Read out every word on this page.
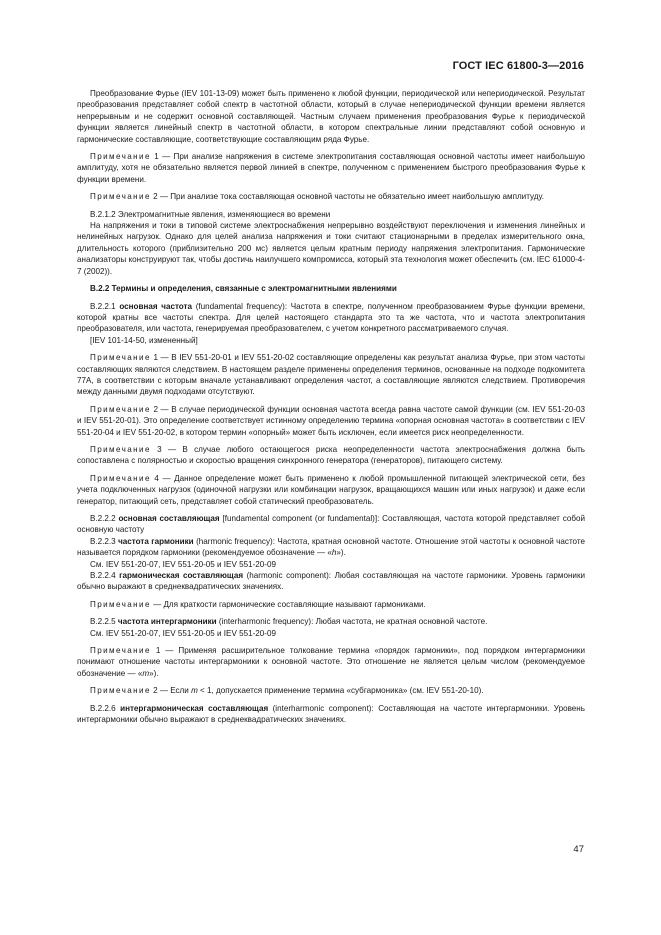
ГОСТ IEC 61800-3—2016

Преобразование Фурье (IEV 101-13-09) может быть применено к любой функции, периодической или непериодической. Результат преобразования представляет собой спектр в частотной области, который в случае непериодической функции времени является непрерывным и не содержит основной составляющей. Частным случаем применения преобразования Фурье к периодической функции является линейный спектр в частотной области, в котором спектральные линии представляют собой основную и гармонические составляющие, соответствующие составляющим ряда Фурье.

Примечание 1 — При анализе напряжения в системе электропитания составляющая основной частоты имеет наибольшую амплитуду, хотя не обязательно является первой линией в спектре, полученном с применением быстрого преобразования Фурье к функции времени.

Примечание 2 — При анализе тока составляющая основной частоты не обязательно имеет наибольшую амплитуду.

В.2.1.2 Электромагнитные явления, изменяющиеся во времени

На напряжения и токи в типовой системе электроснабжения непрерывно воздействуют переключения и изменения линейных и нелинейных нагрузок. Однако для целей анализа напряжения и токи считают стационарными в пределах измерительного окна, длительность которого (приблизительно 200 мс) является целым кратным периоду напряжения электропитания. Гармонические анализаторы конструируют так, чтобы достичь наилучшего компромисса, который эта технология может обеспечить (см. IEC 61000-4-7 (2002)).

В.2.2 Термины и определения, связанные с электромагнитными явлениями

В.2.2.1 основная частота (fundamental frequency): Частота в спектре, полученном преобразованием Фурье функции времени, которой кратны все частоты спектра. Для целей настоящего стандарта это та же частота, что и частота электропитания преобразователя, или частота, генерируемая преобразователем, с учетом конкретного рассматриваемого случая.

[IEV 101-14-50, измененный]

Примечание 1 — В IEV 551-20-01 и IEV 551-20-02 составляющие определены как результат анализа Фурье, при этом частоты составляющих являются следствием. В настоящем разделе применены определения терминов, основанные на подходе подкомитета 77А, в соответствии с которым вначале устанавливают определения частот, а составляющие являются следствием. Противоречия между данными двумя подходами отсутствуют.

Примечание 2 — В случае периодической функции основная частота всегда равна частоте самой функции (см. IEV 551-20-03 и IEV 551-20-01). Это определение соответствует истинному определению термина «опорная основная частота» в соответствии с IEV 551-20-04 и IEV 551-20-02, в котором термин «опорный» может быть исключен, если имеется риск неопределенности.

Примечание 3 — В случае любого остающегося риска неопределенности частота электроснабжения должна быть сопоставлена с полярностью и скоростью вращения синхронного генератора (генераторов), питающего систему.

Примечание 4 — Данное определение может быть применено к любой промышленной питающей электрической сети, без учета подключенных нагрузок (одиночной нагрузки или комбинации нагрузок, вращающихся машин или иных нагрузок) и даже если генератор, питающий сеть, представляет собой статический преобразователь.

В.2.2.2 основная составляющая [fundamental component (or fundamental)]: Составляющая, частота которой представляет собой основную частоту

В.2.2.3 частота гармоники (harmonic frequency): Частота, кратная основной частоте. Отношение этой частоты к основной частоте называется порядком гармоники (рекомендуемое обозначение — «h»).

См. IEV 551-20-07, IEV 551-20-05 и IEV 551-20-09

В.2.2.4 гармоническая составляющая (harmonic component): Любая составляющая на частоте гармоники. Уровень гармоники обычно выражают в среднеквадратических значениях.

Примечание — Для краткости гармонические составляющие называют гармониками.

В.2.2.5 частота интергармоники (interharmonic frequency): Любая частота, не кратная основной частоте.

См. IEV 551-20-07, IEV 551-20-05 и IEV 551-20-09

Примечание 1 — Применяя расширительное толкование термина «порядок гармоники», под порядком интергармоники понимают отношение частоты интергармоники к основной частоте. Это отношение не является целым числом (рекомендуемое обозначение — «m»).

Примечание 2 — Если m < 1, допускается применение термина «субгармоника» (см. IEV 551-20-10).

В.2.2.6 интергармоническая составляющая (interharmonic component): Составляющая на частоте интергармоники. Уровень интергармоники обычно выражают в среднеквадратических значениях.

47
